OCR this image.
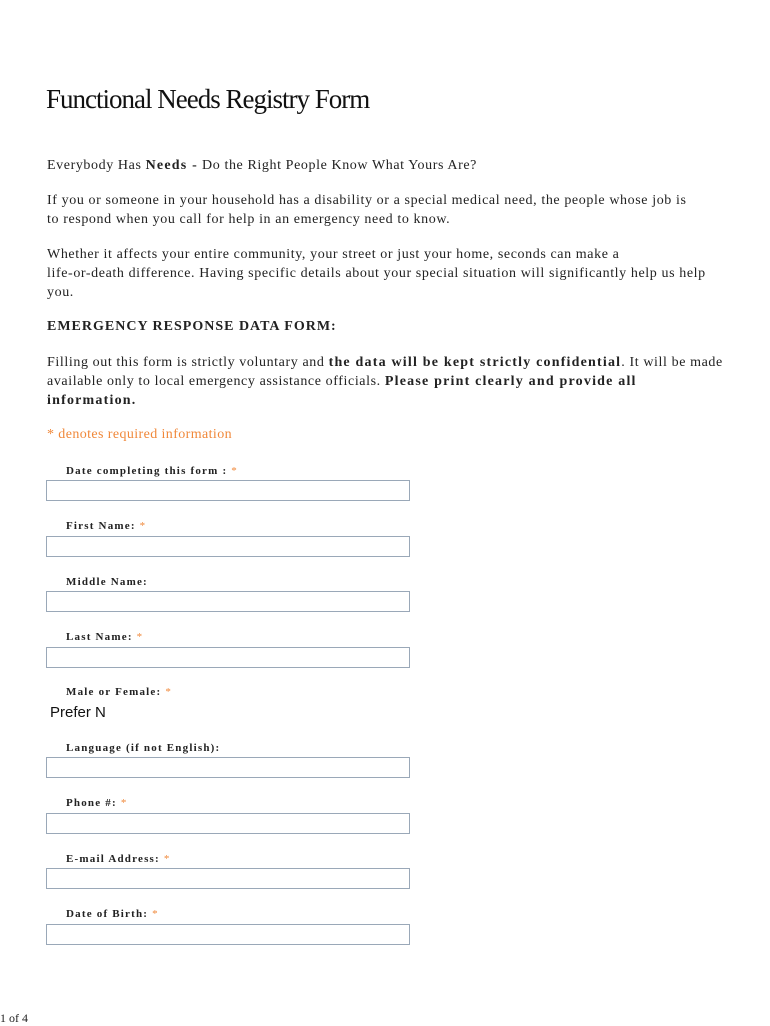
Functional Needs Registry Form
Everybody Has Needs - Do the Right People Know What Yours Are?
If you or someone in your household has a disability or a special medical need, the people whose job is
to respond when you call for help in an emergency need to know.
Whether it affects your entire community, your street or just your home, seconds can make a
life-or-death difference. Having specific details about your special situation will significantly help us help
you.
EMERGENCY RESPONSE DATA FORM:
Filling out this form is strictly voluntary and the data will be kept strictly confidential. It will be made
available only to local emergency assistance officials. Please print clearly and provide all
information.
* denotes required information
Date completing this form : *
First Name: *
Middle Name:
Last Name: *
Male or Female: *
Prefer N
Language (if not English):
Phone #: *
E-mail Address: *
Date of Birth: *
1 of 4
